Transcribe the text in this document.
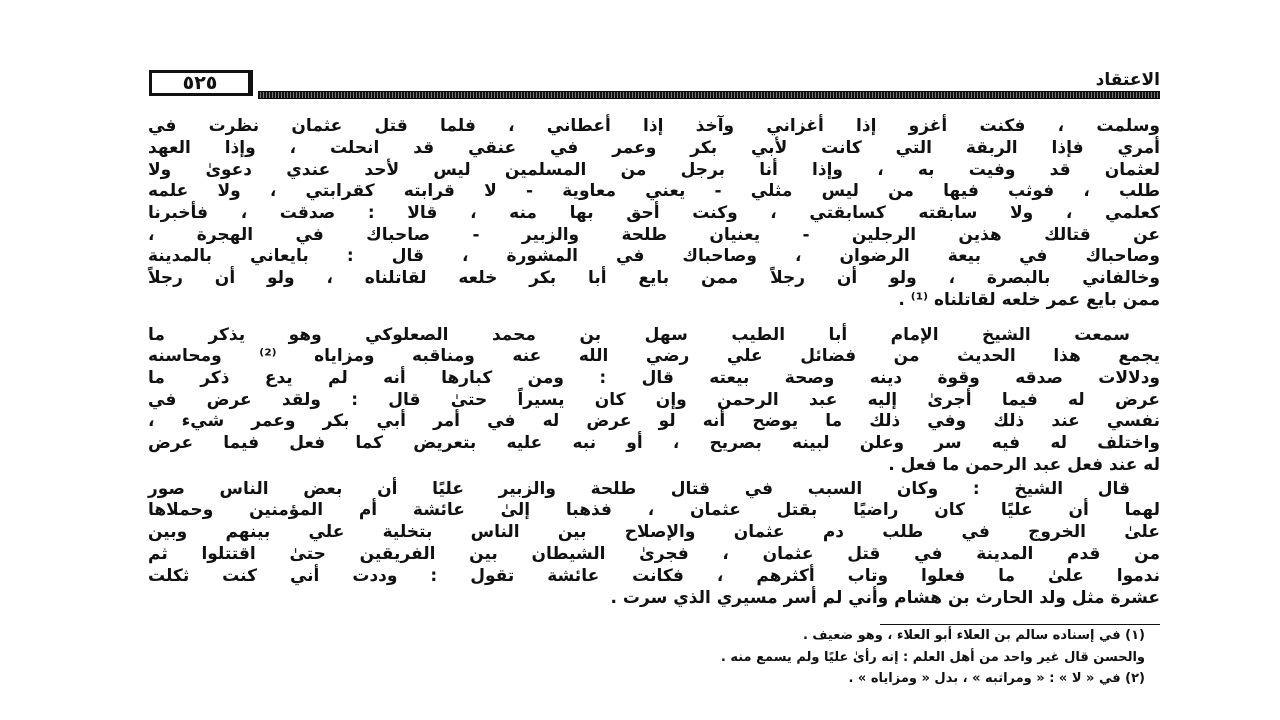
الاعتقاد
٥٢٥
وسلمت ، فكنت أغزو إذا أغزاني وآخذ إذا أعطاني ، فلما قتل عثمان نظرت في
أمري فإذا الربقة التي كانت لأبي بكر وعمر في عنقي قد انحلت ، وإذا العهد
لعثمان قد وفيت به ، وإذا أنا برجل من المسلمين ليس لأحد عندي دعوىٰ ولا
طلب ، فوثب فيها من ليس مثلي - يعني معاوية - لا قرابته كقرابتي ، ولا علمه
كعلمي ، ولا سابقته كسابقتي ، وكنت أحق بها منه ، قالا : صدقت ، فأخبرنا
عن قتالك هذين الرجلين - يعنيان طلحة والزبير - صاحباك في الهجرة ،
وصاحباك في بيعة الرضوان ، وصاحباك في المشورة ، قال : بايعاني بالمدينة
وخالفاني بالبصرة ، ولو أن رجلاً ممن بايع أبا بكر خلعه لقاتلناه ، ولو أن رجلاً
ممن بايع عمر خلعه لقاتلناه ⁽¹⁾ .
سمعت الشيخ الإمام أبا الطيب سهل بن محمد الصعلوكي وهو يذكر ما
يجمع هذا الحديث من فضائل علي رضي الله عنه ومناقبه ومزاياه ⁽²⁾ ومحاسنه
ودلالات صدقه وقوة دينه وصحة بيعته قال : ومن كبارها أنه لم يدع ذكر ما
عرض له فيما أجرىٰ إليه عبد الرحمن وإن كان يسيراً حتىٰ قال : ولقد عرض في
نفسي عند ذلك وفي ذلك ما يوضح أنه لو عرض له في أمر أبي بكر وعمر شيء ،
واختلف له فيه سر وعلن لبينه بصريح ، أو نبه عليه بتعريض كما فعل فيما عرض
له عند فعل عبد الرحمن ما فعل .
قال الشيخ : وكان السبب في قتال طلحة والزبير عليًا أن بعض الناس صور
لهما أن عليًا كان راضيًا بقتل عثمان ، فذهبا إلىٰ عائشة أم المؤمنين وحملاها
علىٰ الخروج في طلب دم عثمان والإصلاح بين الناس بتخلية علي بينهم وبين
من قدم المدينة في قتل عثمان ، فجرىٰ الشيطان بين الفريقين حتىٰ اقتتلوا ثم
ندموا علىٰ ما فعلوا وتاب أكثرهم ، فكانت عائشة تقول : وددت أني كنت ثكلت
عشرة مثل ولد الحارث بن هشام وأني لم أسر مسيري الذي سرت .
(١) في إسناده سالم بن العلاء أبو العلاء ، وهو ضعيف .
والحسن قال غير واحد من أهل العلم : إنه رأىٰ عليًا ولم يسمع منه .
(٢) في « لا » : « ومراتبه » ، بدل « ومزاياه » .
